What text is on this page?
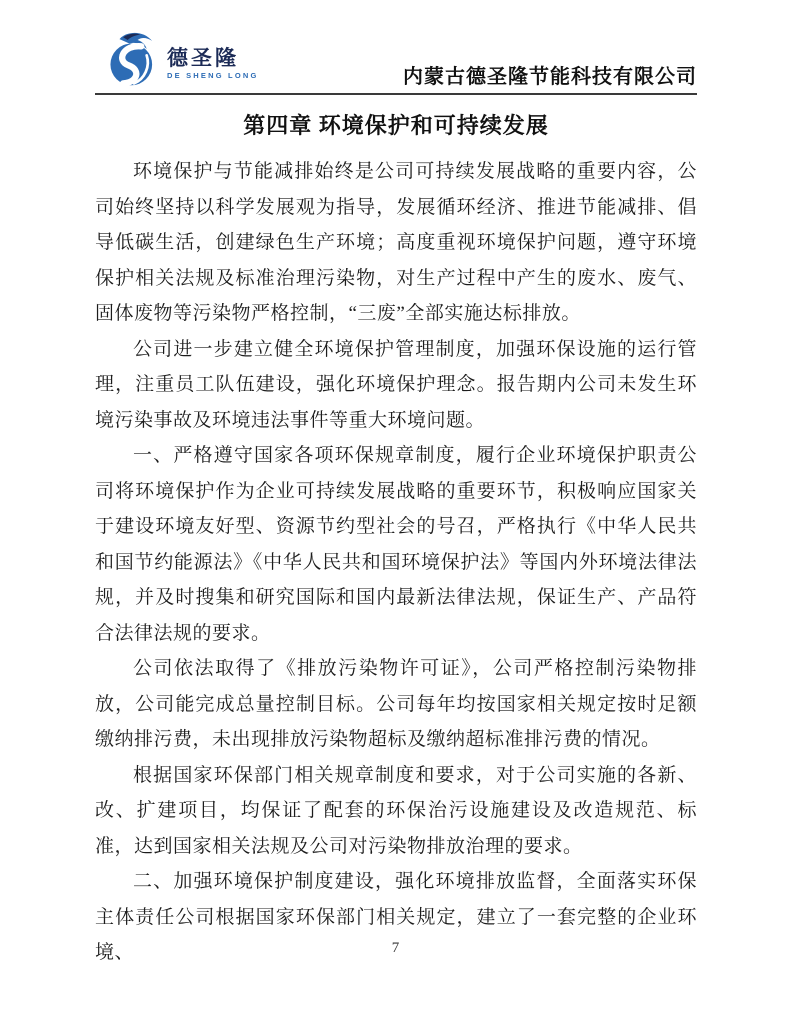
德圣隆
DE SHENG LONG	内蒙古德圣隆节能科技有限公司
第四章 环境保护和可持续发展

环境保护与节能减排始终是公司可持续发展战略的重要内容，公司始终坚持以科学发展观为指导，发展循环经济、推进节能减排、倡导低碳生活，创建绿色生产环境；高度重视环境保护问题，遵守环境保护相关法规及标准治理污染物，对生产过程中产生的废水、废气、固体废物等污染物严格控制，“三废”全部实施达标排放。

公司进一步建立健全环境保护管理制度，加强环保设施的运行管理，注重员工队伍建设，强化环境保护理念。报告期内公司未发生环境污染事故及环境违法事件等重大环境问题。

一、严格遵守国家各项环保规章制度，履行企业环境保护职责公司将环境保护作为企业可持续发展战略的重要环节，积极响应国家关于建设环境友好型、资源节约型社会的号召，严格执行《中华人民共和国节约能源法》《中华人民共和国环境保护法》等国内外环境法律法规，并及时搜集和研究国际和国内最新法律法规，保证生产、产品符合法律法规的要求。

公司依法取得了《排放污染物许可证》，公司严格控制污染物排放，公司能完成总量控制目标。公司每年均按国家相关规定按时足额缴纳排污费，未出现排放污染物超标及缴纳超标准排污费的情况。

根据国家环保部门相关规章制度和要求，对于公司实施的各新、改、扩建项目，均保证了配套的环保治污设施建设及改造规范、标准，达到国家相关法规及公司对污染物排放治理的要求。

二、加强环境保护制度建设，强化环境排放监督，全面落实环保主体责任公司根据国家环保部门相关规定，建立了一套完整的企业环境、	7
